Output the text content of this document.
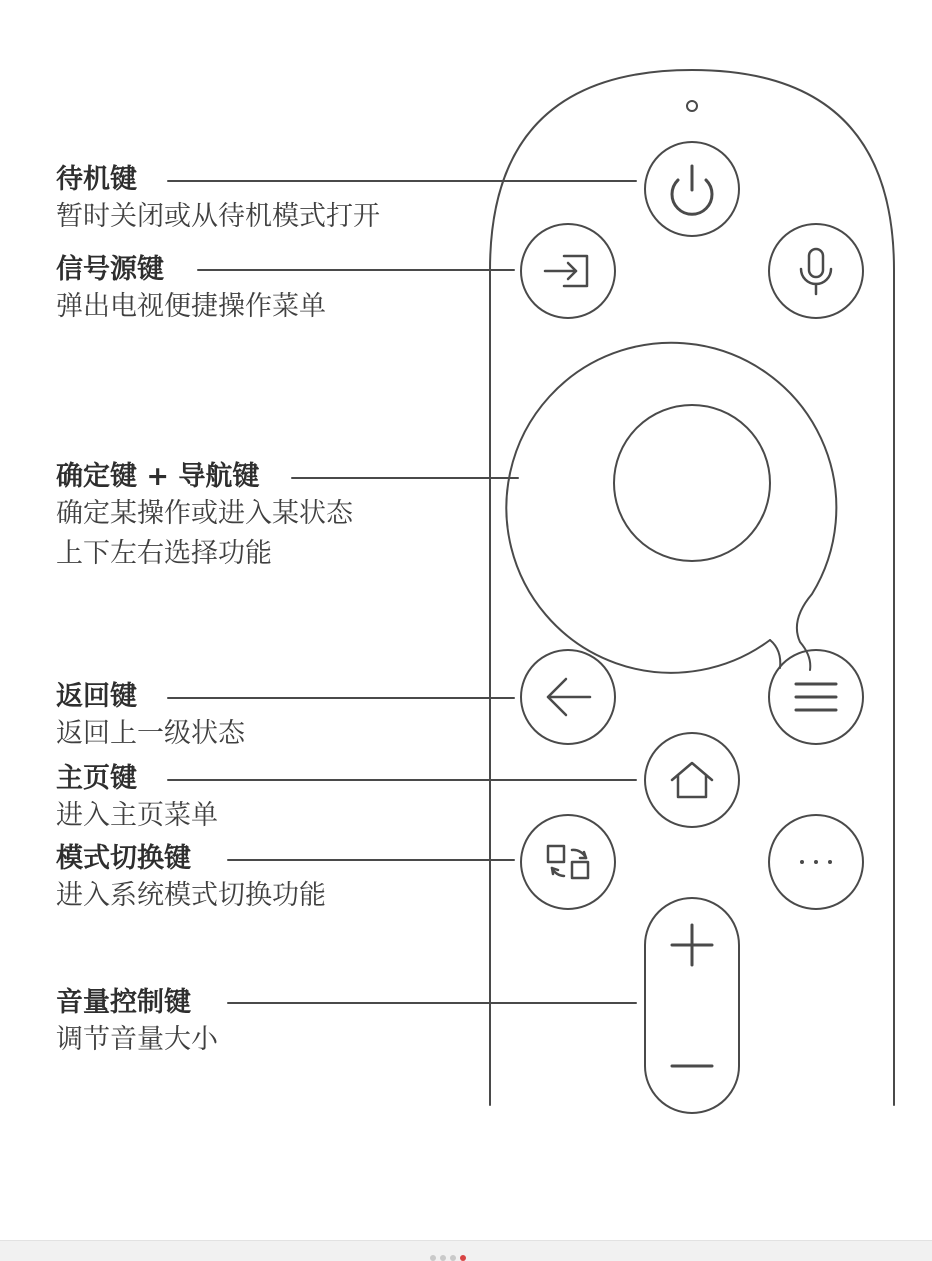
待机键
暂时关闭或从待机模式打开
信号源键
弹出电视便捷操作菜单
确定键 + 导航键
确定某操作或进入某状态
上下左右选择功能
返回键
返回上一级状态
主页键
进入主页菜单
模式切换键
进入系统模式切换功能
音量控制键
调节音量大小
